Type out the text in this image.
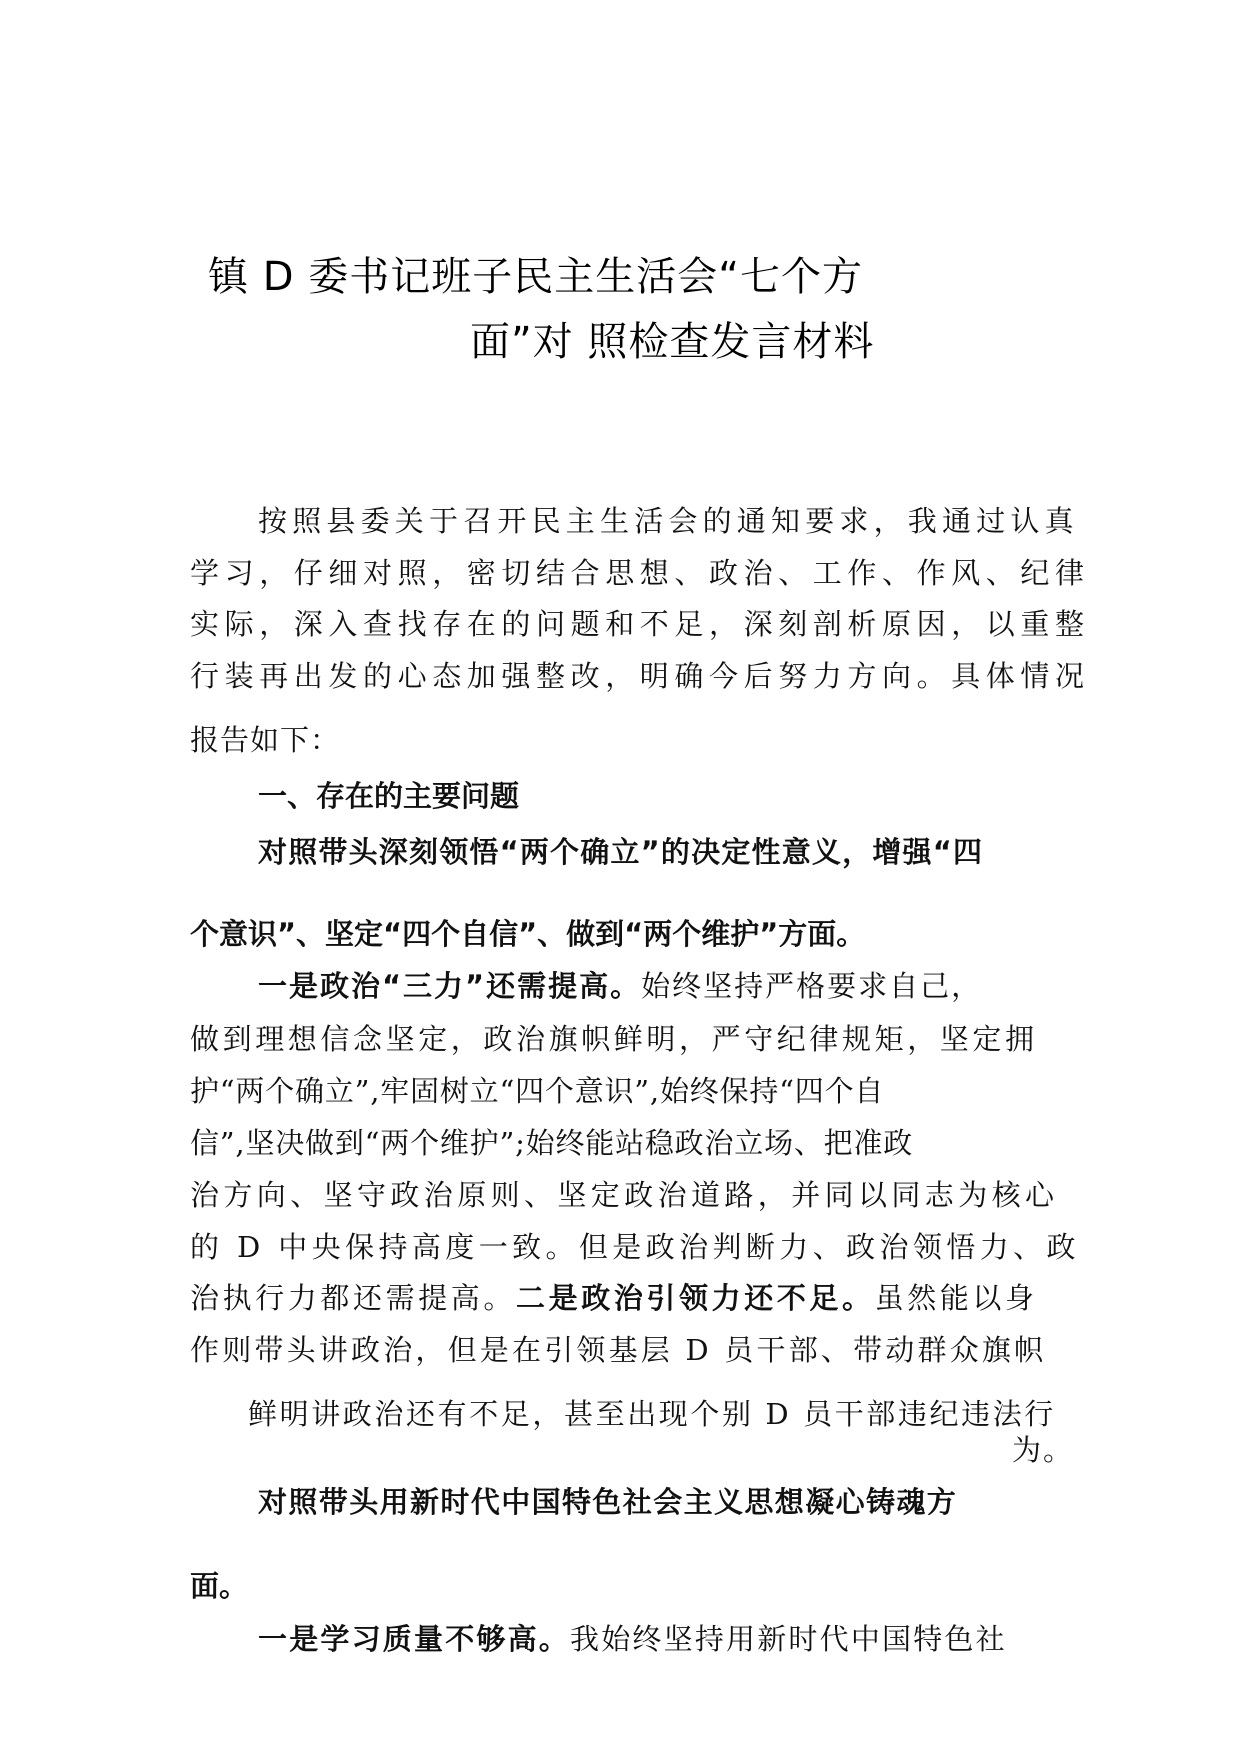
镇 D 委书记班子民主生活会“七个方
面”对 照检查发言材料
按照县委关于召开民主生活会的通知要求，我通过认真
学习，仔细对照，密切结合思想、政治、工作、作风、纪律
实际，深入查找存在的问题和不足，深刻剖析原因，以重整
行装再出发的心态加强整改，明确今后努力方向。具体情况
报告如下：
一、存在的主要问题
对照带头深刻领悟“两个确立”的决定性意义，增强“四
个意识”、坚定“四个自信”、做到“两个维护”方面。
一是政治“三力”还需提高。始终坚持严格要求自己，
做到理想信念坚定，政治旗帜鲜明，严守纪律规矩，坚定拥
护“两个确立”,牢固树立“四个意识”,始终保持“四个自
信”,坚决做到“两个维护”;始终能站稳政治立场、把准政
治方向、坚守政治原则、坚定政治道路，并同以同志为核心
的 D 中央保持高度一致。但是政治判断力、政治领悟力、政
治执行力都还需提高。二是政治引领力还不足。虽然能以身
作则带头讲政治，但是在引领基层 D 员干部、带动群众旗帜
鲜明讲政治还有不足，甚至出现个别 D 员干部违纪违法行
为。
对照带头用新时代中国特色社会主义思想凝心铸魂方
面。
一是学习质量不够高。我始终坚持用新时代中国特色社
